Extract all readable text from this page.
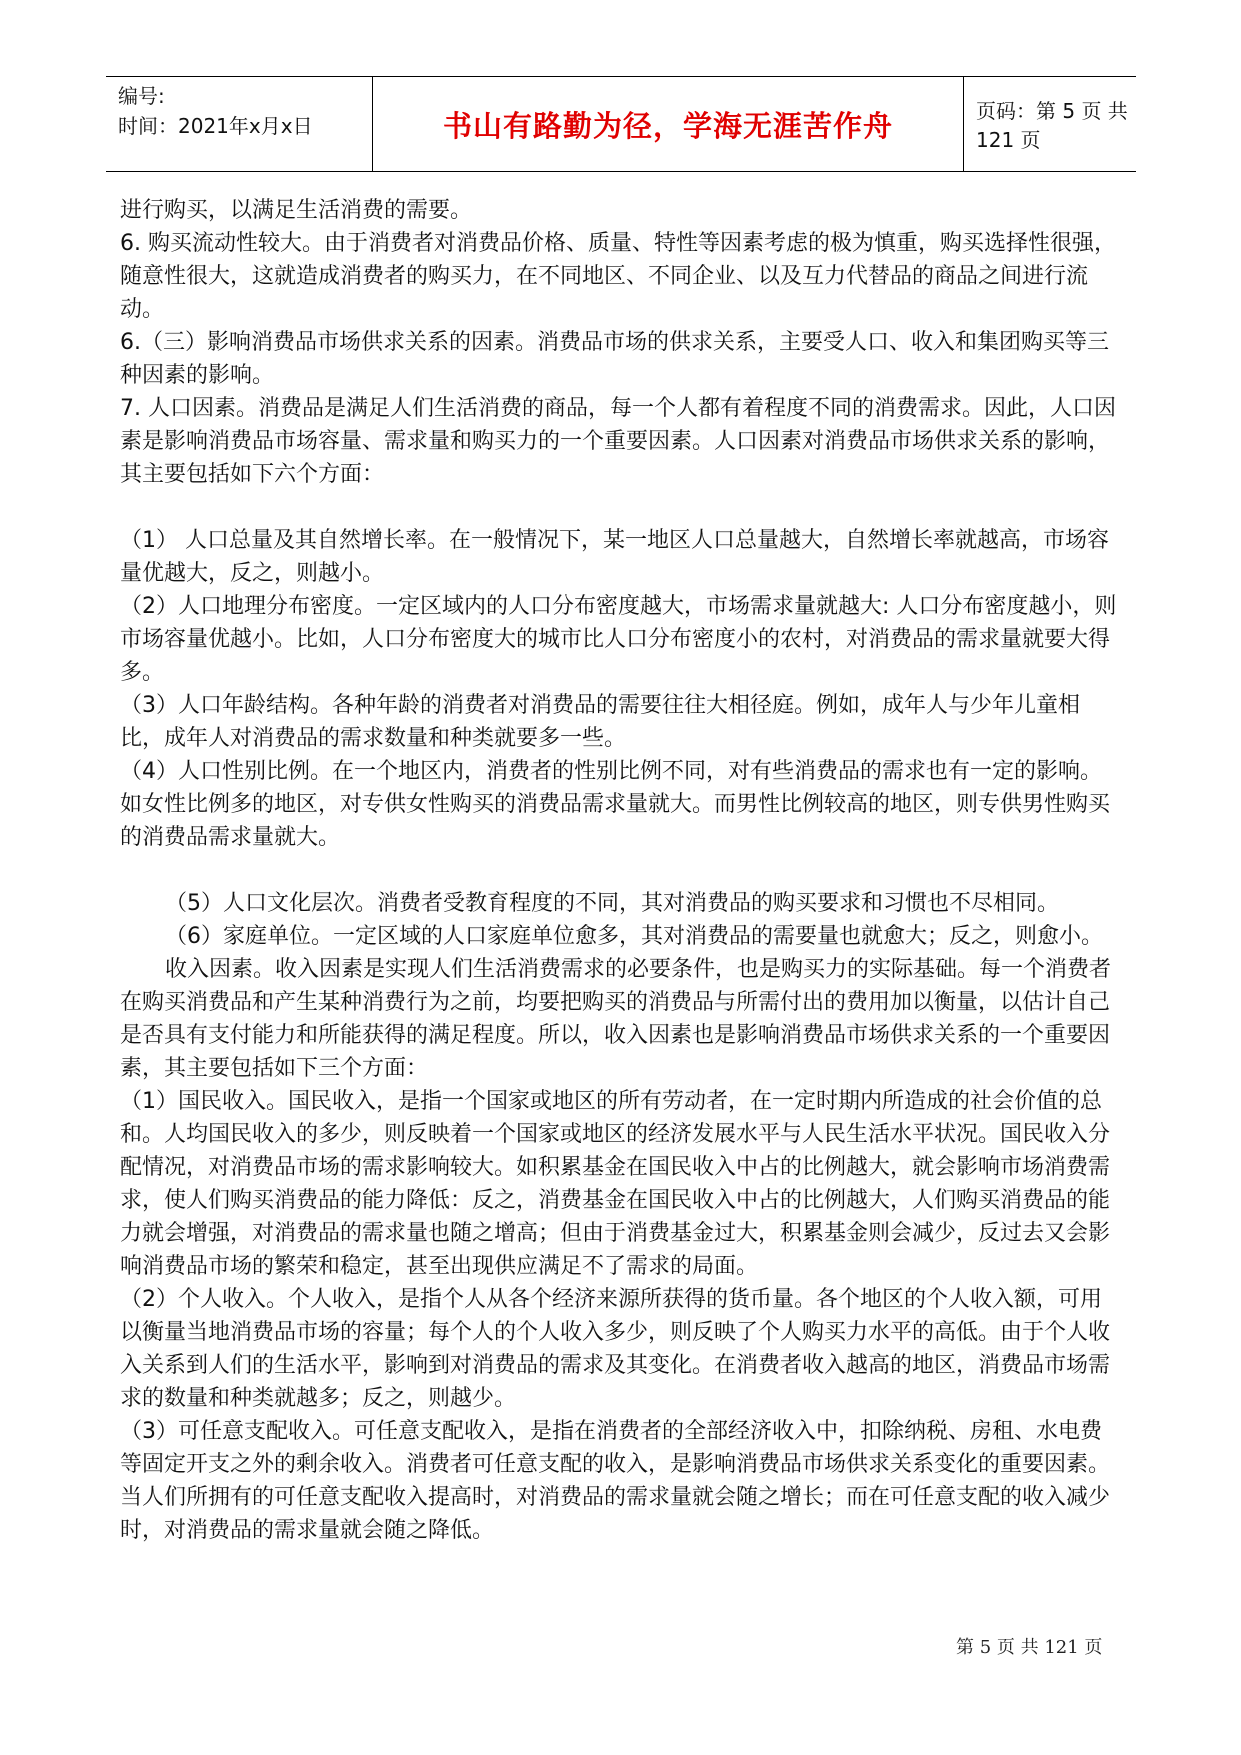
编号:
时间：2021年x月x日	书山有路勤为径，学海无涯苦作舟	页码：第 5 页 共 121 页

进行购买，以满足生活消费的需要。

6. 购买流动性较大。由于消费者对消费品价格、质量、特性等因素考虑的极为慎重，购买选择性很强，随意性很大，这就造成消费者的购买力，在不同地区、不同企业、以及互力代替品的商品之间进行流动。

6.（三）影响消费品市场供求关系的因素。消费品市场的供求关系，主要受人口、收入和集团购买等三种因素的影响。

7. 人口因素。消费品是满足人们生活消费的商品，每一个人都有着程度不同的消费需求。因此，人口因素是影响消费品市场容量、需求量和购买力的一个重要因素。人口因素对消费品市场供求关系的影响，其主要包括如下六个方面：

（1） 人口总量及其自然增长率。在一般情况下，某一地区人口总量越大，自然增长率就越高，市场容量优越大，反之，则越小。

（2）人口地理分布密度。一定区域内的人口分布密度越大，市场需求量就越大: 人口分布密度越小，则市场容量优越小。比如，人口分布密度大的城市比人口分布密度小的农村，对消费品的需求量就要大得多。

（3）人口年龄结构。各种年龄的消费者对消费品的需要往往大相径庭。例如，成年人与少年儿童相比，成年人对消费品的需求数量和种类就要多一些。

（4）人口性别比例。在一个地区内，消费者的性别比例不同，对有些消费品的需求也有一定的影响。如女性比例多的地区，对专供女性购买的消费品需求量就大。而男性比例较高的地区，则专供男性购买的消费品需求量就大。

（5）人口文化层次。消费者受教育程度的不同，其对消费品的购买要求和习惯也不尽相同。

（6）家庭单位。一定区域的人口家庭单位愈多，其对消费品的需要量也就愈大；反之，则愈小。

收入因素。收入因素是实现人们生活消费需求的必要条件，也是购买力的实际基础。每一个消费者在购买消费品和产生某种消费行为之前，均要把购买的消费品与所需付出的费用加以衡量，以估计自己是否具有支付能力和所能获得的满足程度。所以，收入因素也是影响消费品市场供求关系的一个重要因素，其主要包括如下三个方面：

（1）国民收入。国民收入，是指一个国家或地区的所有劳动者，在一定时期内所造成的社会价值的总和。人均国民收入的多少，则反映着一个国家或地区的经济发展水平与人民生活水平状况。国民收入分配情况，对消费品市场的需求影响较大。如积累基金在国民收入中占的比例越大，就会影响市场消费需求，使人们购买消费品的能力降低：反之，消费基金在国民收入中占的比例越大，人们购买消费品的能力就会增强，对消费品的需求量也随之增高；但由于消费基金过大，积累基金则会减少，反过去又会影响消费品市场的繁荣和稳定，甚至出现供应满足不了需求的局面。

（2）个人收入。个人收入，是指个人从各个经济来源所获得的货币量。各个地区的个人收入额，可用以衡量当地消费品市场的容量；每个人的个人收入多少，则反映了个人购买力水平的高低。由于个人收入关系到人们的生活水平，影响到对消费品的需求及其变化。在消费者收入越高的地区，消费品市场需求的数量和种类就越多；反之，则越少。

（3）可任意支配收入。可任意支配收入，是指在消费者的全部经济收入中，扣除纳税、房租、水电费等固定开支之外的剩余收入。消费者可任意支配的收入，是影响消费品市场供求关系变化的重要因素。当人们所拥有的可任意支配收入提高时，对消费品的需求量就会随之增长；而在可任意支配的收入减少时，对消费品的需求量就会随之降低。

第 5 页 共 121 页
